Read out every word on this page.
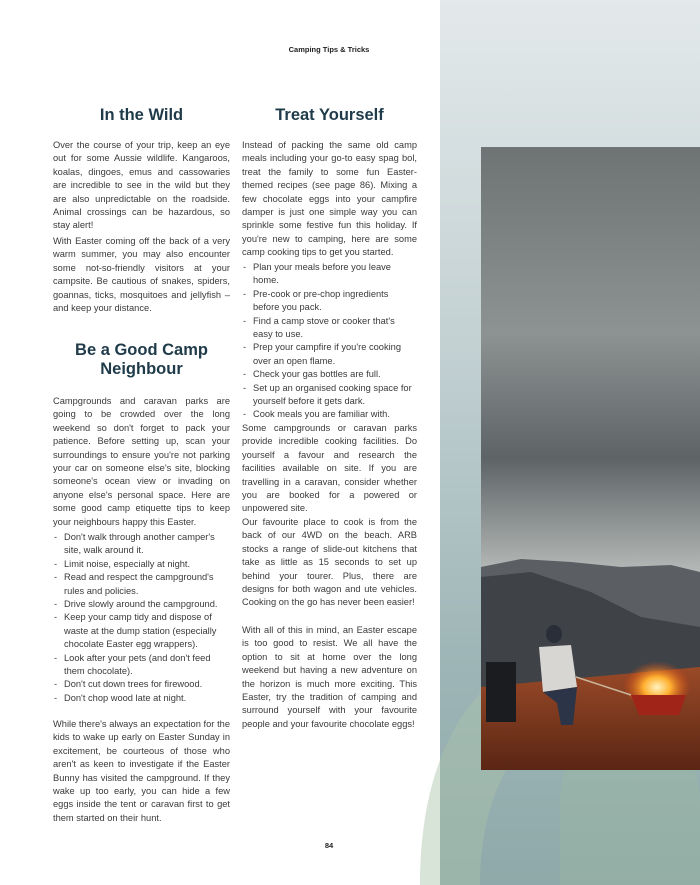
Camping Tips & Tricks
In the Wild

Over the course of your trip, keep an eye out for some Aussie wildlife. Kangaroos, koalas, dingoes, emus and cassowaries are incredible to see in the wild but they are also unpredictable on the roadside. Animal crossings can be hazardous, so stay alert!

With Easter coming off the back of a very warm summer, you may also encounter some not-so-friendly visitors at your campsite. Be cautious of snakes, spiders, goannas, ticks, mosquitoes and jellyfish – and keep your distance.

Be a Good Camp Neighbour

Campgrounds and caravan parks are going to be crowded over the long weekend so don't forget to pack your patience. Before setting up, scan your surroundings to ensure you're not parking your car on someone else's site, blocking someone's ocean view or invading on anyone else's personal space. Here are some good camp etiquette tips to keep your neighbours happy this Easter.

- Don't walk through another camper's site, walk around it.
- Limit noise, especially at night.
- Read and respect the campground's rules and policies.
- Drive slowly around the campground.
- Keep your camp tidy and dispose of waste at the dump station (especially chocolate Easter egg wrappers).
- Look after your pets (and don't feed them chocolate).
- Don't cut down trees for firewood.
- Don't chop wood late at night.

While there's always an expectation for the kids to wake up early on Easter Sunday in excitement, be courteous of those who aren't as keen to investigate if the Easter Bunny has visited the campground. If they wake up too early, you can hide a few eggs inside the tent or caravan first to get them started on their hunt.

Treat Yourself

Instead of packing the same old camp meals including your go-to easy spag bol, treat the family to some fun Easter-themed recipes (see page 86). Mixing a few chocolate eggs into your campfire damper is just one simple way you can sprinkle some festive fun this holiday. If you're new to camping, here are some camp cooking tips to get you started.

- Plan your meals before you leave home.
- Pre-cook or pre-chop ingredients before you pack.
- Find a camp stove or cooker that's easy to use.
- Prep your campfire if you're cooking over an open flame.
- Check your gas bottles are full.
- Set up an organised cooking space for yourself before it gets dark.
- Cook meals you are familiar with.

Some campgrounds or caravan parks provide incredible cooking facilities. Do yourself a favour and research the facilities available on site. If you are travelling in a caravan, consider whether you are booked for a powered or unpowered site.

Our favourite place to cook is from the back of our 4WD on the beach. ARB stocks a range of slide-out kitchens that take as little as 15 seconds to set up behind your tourer. Plus, there are designs for both wagon and ute vehicles. Cooking on the go has never been easier!

With all of this in mind, an Easter escape is too good to resist. We all have the option to sit at home over the long weekend but having a new adventure on the horizon is much more exciting. This Easter, try the tradition of camping and surround yourself with your favourite people and your favourite chocolate eggs!

84
